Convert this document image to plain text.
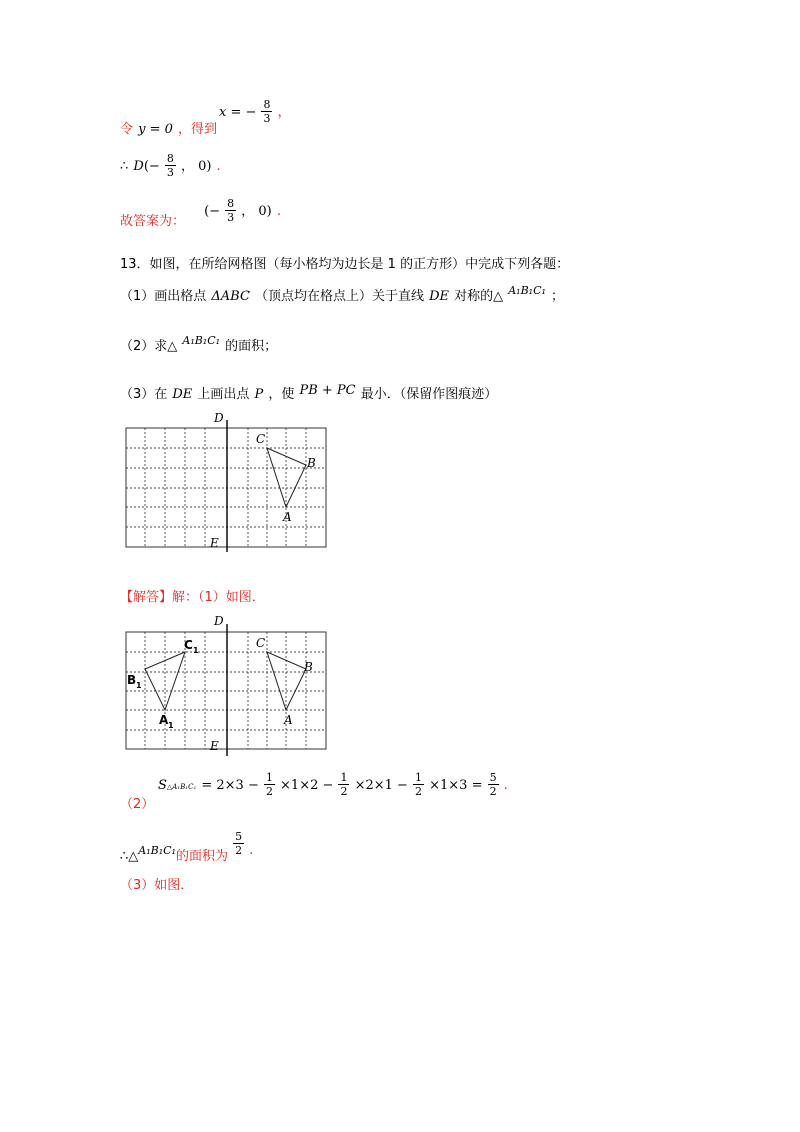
令 y = 0 ，得到
x = − $\frac{8}{3}$ ，
∴ $D(- \frac{8}{3}$ ， 0) .
$_{故答案为:}$ (− $\frac{8}{3}$ ， 0) .
13．如图，在所给网格图（每小格均为边长是 1 的正方形）中完成下列各题：
（1）画出格点 ΔABC （顶点均在格点上）关于直线 DE 对称的△ $^{A_1B_1C_1}$ ；
（2）求△ $^{A_1B_1C_1}$ 的面积；
（3）在 DE 上画出点 P ，使 $^{PB + PC}$ 最小．（保留作图痕迹）
D
E
C
B
A
【解答】解：（1）如图．
D
E
C
B
A
C 1
B 1
A 1
（2）
S△A₁B₁C₁ = $2\times 3 - \frac{1}{2} \times 1\times 2 - \frac{1}{2} \times 2\times 1 - \frac{1}{2} \times 1\times 3 = \frac{5}{2}$ .
$_{\therefore\triangle A_1B_1C_1的面积为} \frac{5}{2} _.$
（3）如图．
